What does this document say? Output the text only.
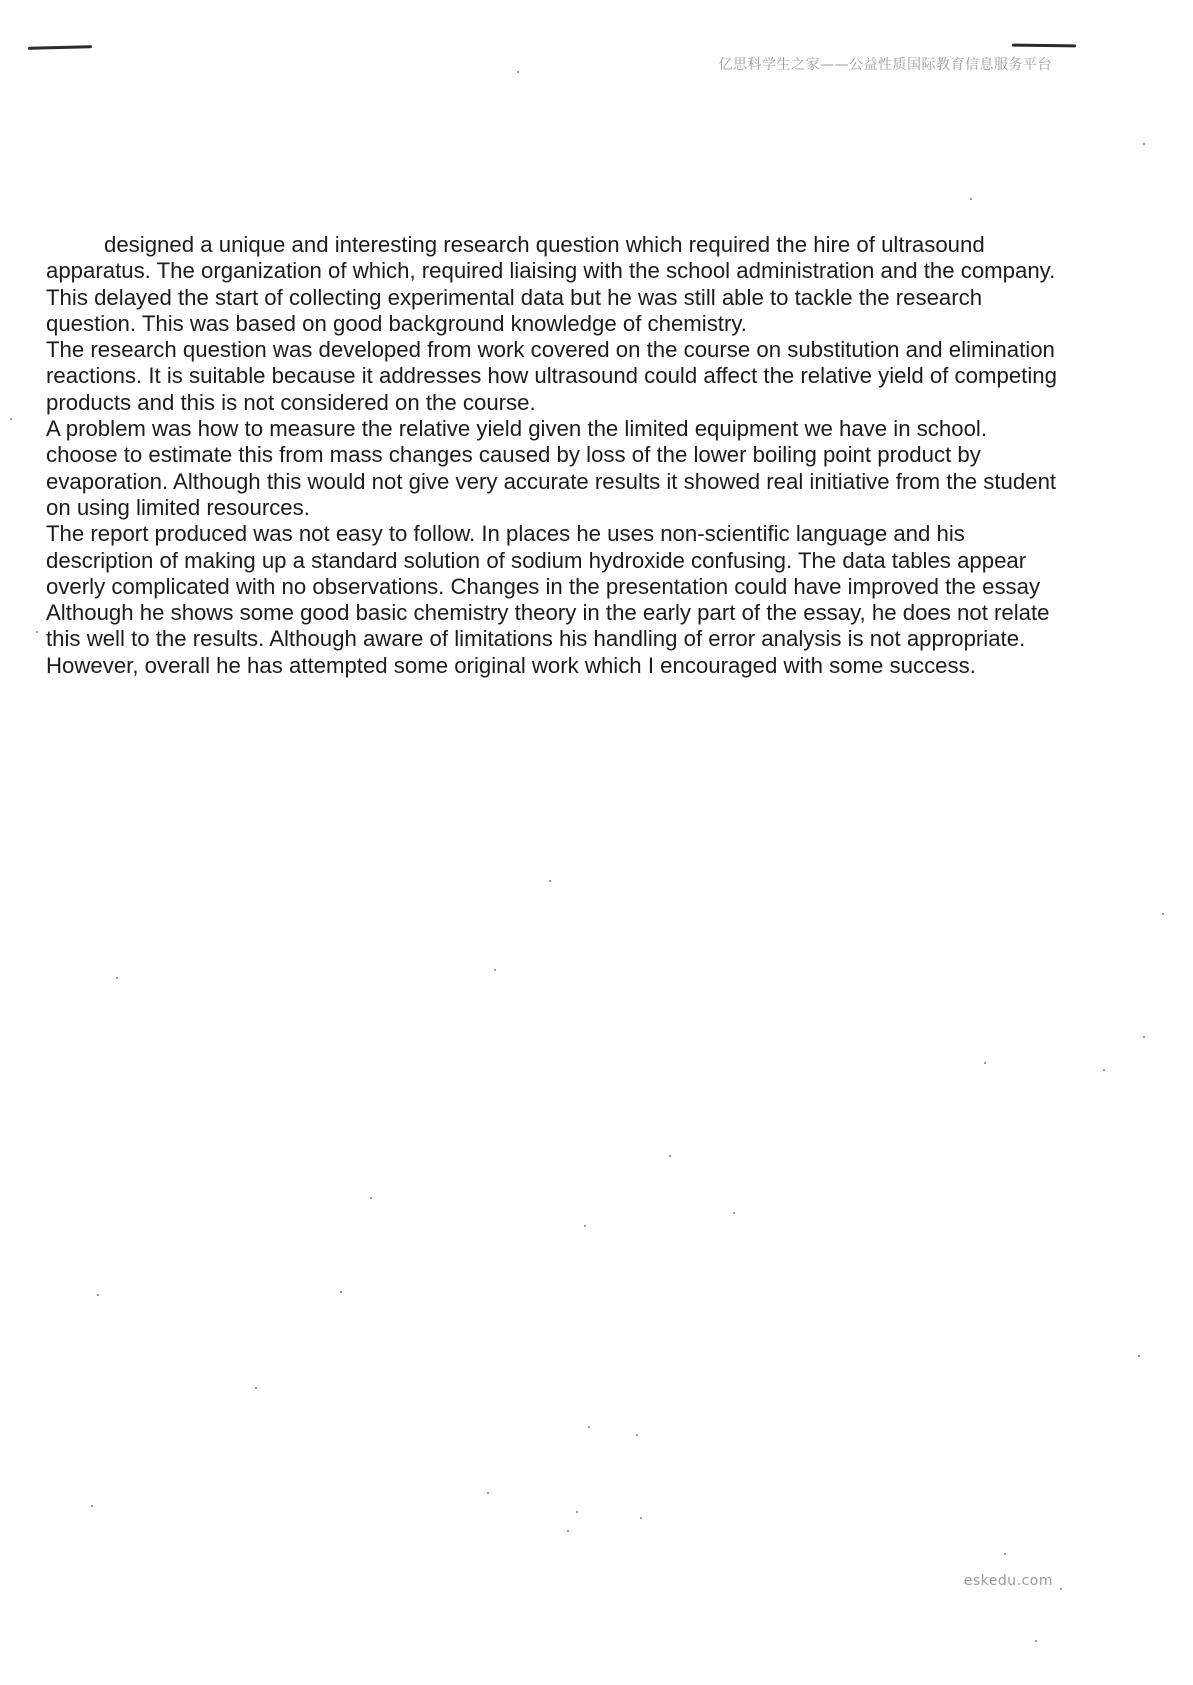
亿思科学生之家——公益性质国际教育信息服务平台
designed a unique and interesting research question which required the hire of ultrasound
apparatus. The organization of which, required liaising with the school administration and the company.
This delayed the start of collecting experimental data but he was still able to tackle the research
question. This was based on good background knowledge of chemistry.
The research question was developed from work covered on the course on substitution and elimination
reactions. It is suitable because it addresses how ultrasound could affect the relative yield of competing
products and this is not considered on the course.
A problem was how to measure the relative yield given the limited equipment we have in school.
choose to estimate this from mass changes caused by loss of the lower boiling point product by
evaporation. Although this would not give very accurate results it showed real initiative from the student
on using limited resources.
The report produced was not easy to follow. In places he uses non-scientific language and his
description of making up a standard solution of sodium hydroxide confusing. The data tables appear
overly complicated with no observations. Changes in the presentation could have improved the essay
Although he shows some good basic chemistry theory in the early part of the essay, he does not relate
this well to the results. Although aware of limitations his handling of error analysis is not appropriate.
However, overall he has attempted some original work which I encouraged with some success.
eskedu.com
